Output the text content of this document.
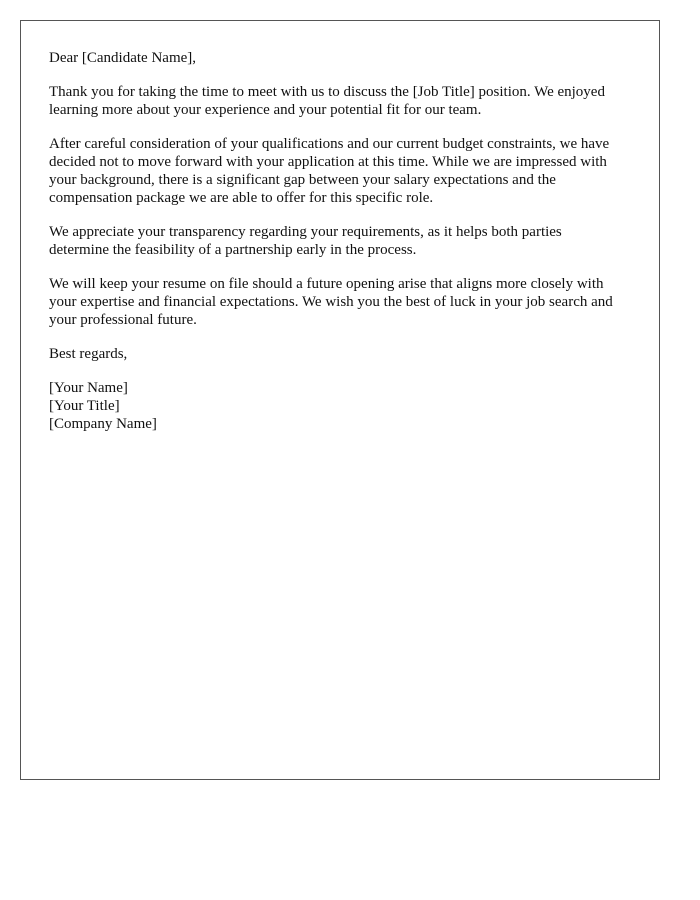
Dear [Candidate Name],

Thank you for taking the time to meet with us to discuss the [Job Title] position. We enjoyed learning more about your experience and your potential fit for our team.

After careful consideration of your qualifications and our current budget constraints, we have decided not to move forward with your application at this time. While we are impressed with your background, there is a significant gap between your salary expectations and the compensation package we are able to offer for this specific role.

We appreciate your transparency regarding your requirements, as it helps both parties determine the feasibility of a partnership early in the process.

We will keep your resume on file should a future opening arise that aligns more closely with your expertise and financial expectations. We wish you the best of luck in your job search and your professional future.

Best regards,

[Your Name]
[Your Title]
[Company Name]
